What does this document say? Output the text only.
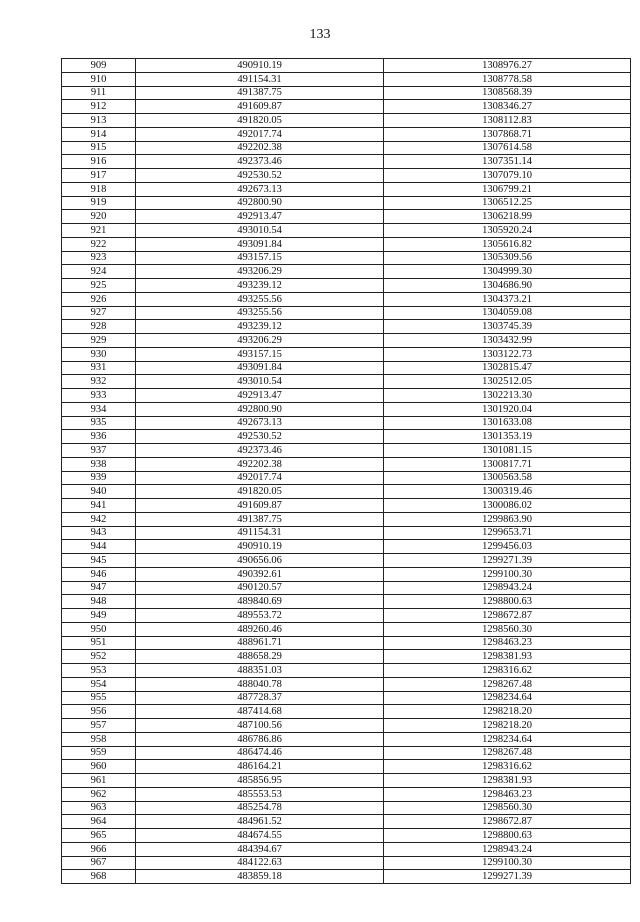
133
909	490910.19	1308976.27
910	491154.31	1308778.58
911	491387.75	1308568.39
912	491609.87	1308346.27
913	491820.05	1308112.83
914	492017.74	1307868.71
915	492202.38	1307614.58
916	492373.46	1307351.14
917	492530.52	1307079.10
918	492673.13	1306799.21
919	492800.90	1306512.25
920	492913.47	1306218.99
921	493010.54	1305920.24
922	493091.84	1305616.82
923	493157.15	1305309.56
924	493206.29	1304999.30
925	493239.12	1304686.90
926	493255.56	1304373.21
927	493255.56	1304059.08
928	493239.12	1303745.39
929	493206.29	1303432.99
930	493157.15	1303122.73
931	493091.84	1302815.47
932	493010.54	1302512.05
933	492913.47	1302213.30
934	492800.90	1301920.04
935	492673.13	1301633.08
936	492530.52	1301353.19
937	492373.46	1301081.15
938	492202.38	1300817.71
939	492017.74	1300563.58
940	491820.05	1300319.46
941	491609.87	1300086.02
942	491387.75	1299863.90
943	491154.31	1299653.71
944	490910.19	1299456.03
945	490656.06	1299271.39
946	490392.61	1299100.30
947	490120.57	1298943.24
948	489840.69	1298800.63
949	489553.72	1298672.87
950	489260.46	1298560.30
951	488961.71	1298463.23
952	488658.29	1298381.93
953	488351.03	1298316.62
954	488040.78	1298267.48
955	487728.37	1298234.64
956	487414.68	1298218.20
957	487100.56	1298218.20
958	486786.86	1298234.64
959	486474.46	1298267.48
960	486164.21	1298316.62
961	485856.95	1298381.93
962	485553.53	1298463.23
963	485254.78	1298560.30
964	484961.52	1298672.87
965	484674.55	1298800.63
966	484394.67	1298943.24
967	484122.63	1299100.30
968	483859.18	1299271.39
